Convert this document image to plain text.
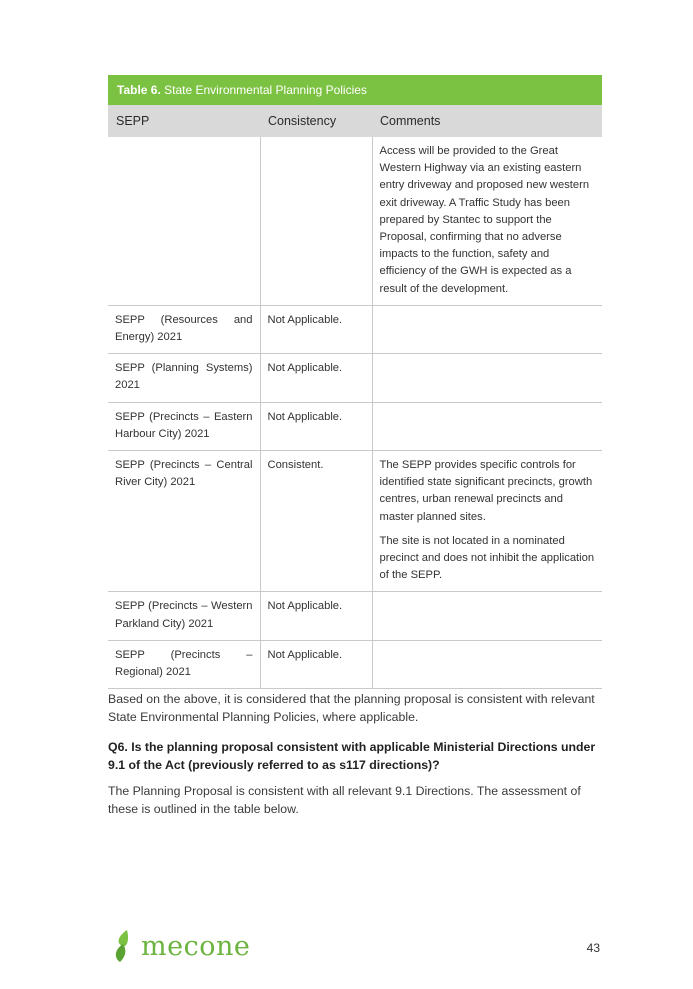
Table 6. State Environmental Planning Policies		
SEPP	Consistency	Comments

		Access will be provided to the Great Western Highway via an existing eastern entry driveway and proposed new western exit driveway. A Traffic Study has been prepared by Stantec to support the Proposal, confirming that no adverse impacts to the function, safety and efficiency of the GWH is expected as a result of the development.

SEPP (Resources and Energy) 2021	Not Applicable.	
SEPP (Planning Systems) 2021	Not Applicable.	
SEPP (Precincts – Eastern Harbour City) 2021	Not Applicable.	
SEPP (Precincts – Central River City) 2021	Consistent.	The SEPP provides specific controls for identified state significant precincts, growth centres, urban renewal precincts and master planned sites.

The site is not located in a nominated precinct and does not inhibit the application of the SEPP.

SEPP (Precincts – Western Parkland City) 2021	Not Applicable.	
SEPP (Precincts – Regional) 2021	Not Applicable.	

Based on the above, it is considered that the planning proposal is consistent with relevant State Environmental Planning Policies, where applicable.

Q6. Is the planning proposal consistent with applicable Ministerial Directions under 9.1 of the Act (previously referred to as s117 directions)?

The Planning Proposal is consistent with all relevant 9.1 Directions. The assessment of these is outlined in the table below.

mecone	43
